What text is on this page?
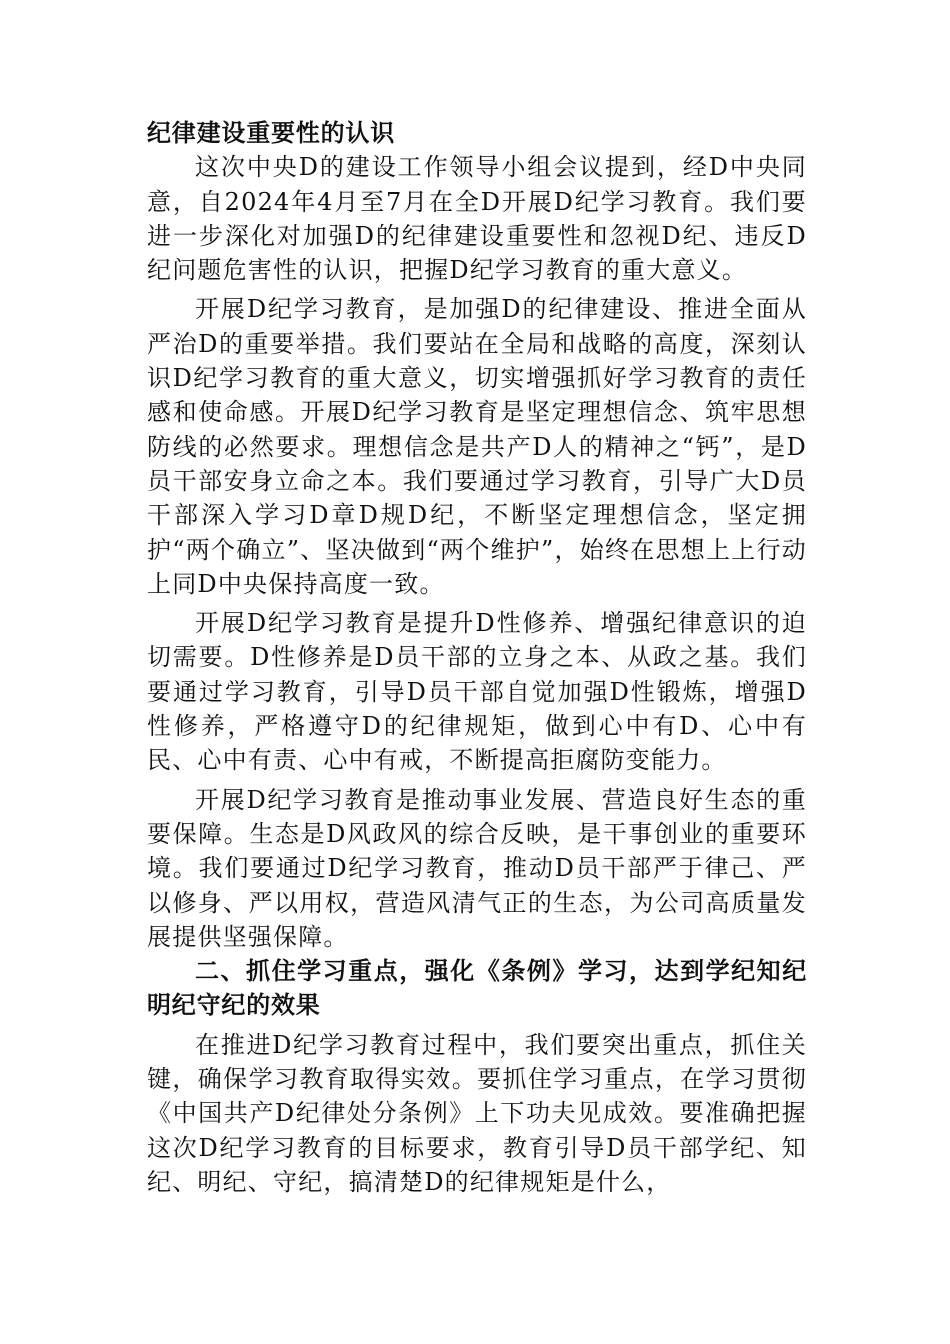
纪律建设重要性的认识

这次中央D的建设工作领导小组会议提到，经D中央同意，自2024年4月至7月在全D开展D纪学习教育。我们要进一步深化对加强D的纪律建设重要性和忽视D纪、违反D纪问题危害性的认识，把握D纪学习教育的重大意义。

开展D纪学习教育，是加强D的纪律建设、推进全面从严治D的重要举措。我们要站在全局和战略的高度，深刻认识D纪学习教育的重大意义，切实增强抓好学习教育的责任感和使命感。开展D纪学习教育是坚定理想信念、筑牢思想防线的必然要求。理想信念是共产D人的精神之“钙”，是D员干部安身立命之本。我们要通过学习教育，引导广大D员干部深入学习D章D规D纪，不断坚定理想信念，坚定拥护“两个确立”、坚决做到“两个维护”，始终在思想上上行动上同D中央保持高度一致。

开展D纪学习教育是提升D性修养、增强纪律意识的迫切需要。D性修养是D员干部的立身之本、从政之基。我们要通过学习教育，引导D员干部自觉加强D性锻炼，增强D性修养，严格遵守D的纪律规矩，做到心中有D、心中有民、心中有责、心中有戒，不断提高拒腐防变能力。

开展D纪学习教育是推动事业发展、营造良好生态的重要保障。生态是D风政风的综合反映，是干事创业的重要环境。我们要通过D纪学习教育，推动D员干部严于律己、严以修身、严以用权，营造风清气正的生态，为公司高质量发展提供坚强保障。

二、抓住学习重点，强化《条例》学习，达到学纪知纪明纪守纪的效果

在推进D纪学习教育过程中，我们要突出重点，抓住关键，确保学习教育取得实效。要抓住学习重点，在学习贯彻《中国共产D纪律处分条例》上下功夫见成效。要准确把握这次D纪学习教育的目标要求，教育引导D员干部学纪、知纪、明纪、守纪，搞清楚D的纪律规矩是什么，
